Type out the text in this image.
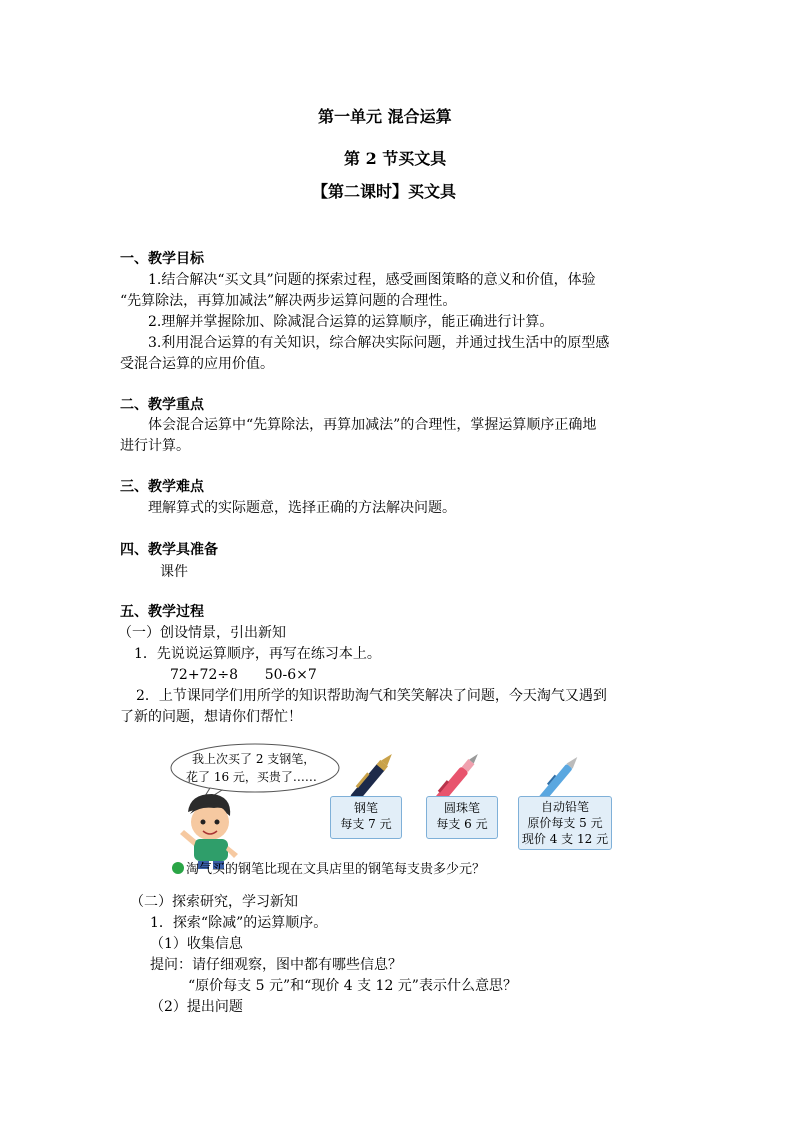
第一单元 混合运算
第 2 节买文具
【第二课时】买文具
一、教学目标
1.结合解决“买文具”问题的探索过程，感受画图策略的意义和价值，体验
“先算除法，再算加减法”解决两步运算问题的合理性。
2.理解并掌握除加、除减混合运算的运算顺序，能正确进行计算。
3.利用混合运算的有关知识，综合解决实际问题，并通过找生活中的原型感
受混合运算的应用价值。
二、教学重点
体会混合运算中“先算除法，再算加减法”的合理性，掌握运算顺序正确地
进行计算。
三、教学难点
理解算式的实际题意，选择正确的方法解决问题。
四、教学具准备
课件
五、教学过程
（一）创设情景，引出新知
1．先说说运算顺序，再写在练习本上。
72+72÷8      50-6×7
2．上节课同学们用所学的知识帮助淘气和笑笑解决了问题，今天淘气又遇到
了新的问题，想请你们帮忙！
我上次买了 2 支钢笔，
花了 16 元，买贵了……
钢笔
每支 7 元
圆珠笔
每支 6 元
自动铅笔
原价每支 5 元
现价 4 支 12 元
淘气买的钢笔比现在文具店里的钢笔每支贵多少元？
（二）探索研究，学习新知
1．探索“除减”的运算顺序。
（1）收集信息
提问：请仔细观察，图中都有哪些信息？
“原价每支 5 元”和“现价 4 支 12 元”表示什么意思？
（2）提出问题
